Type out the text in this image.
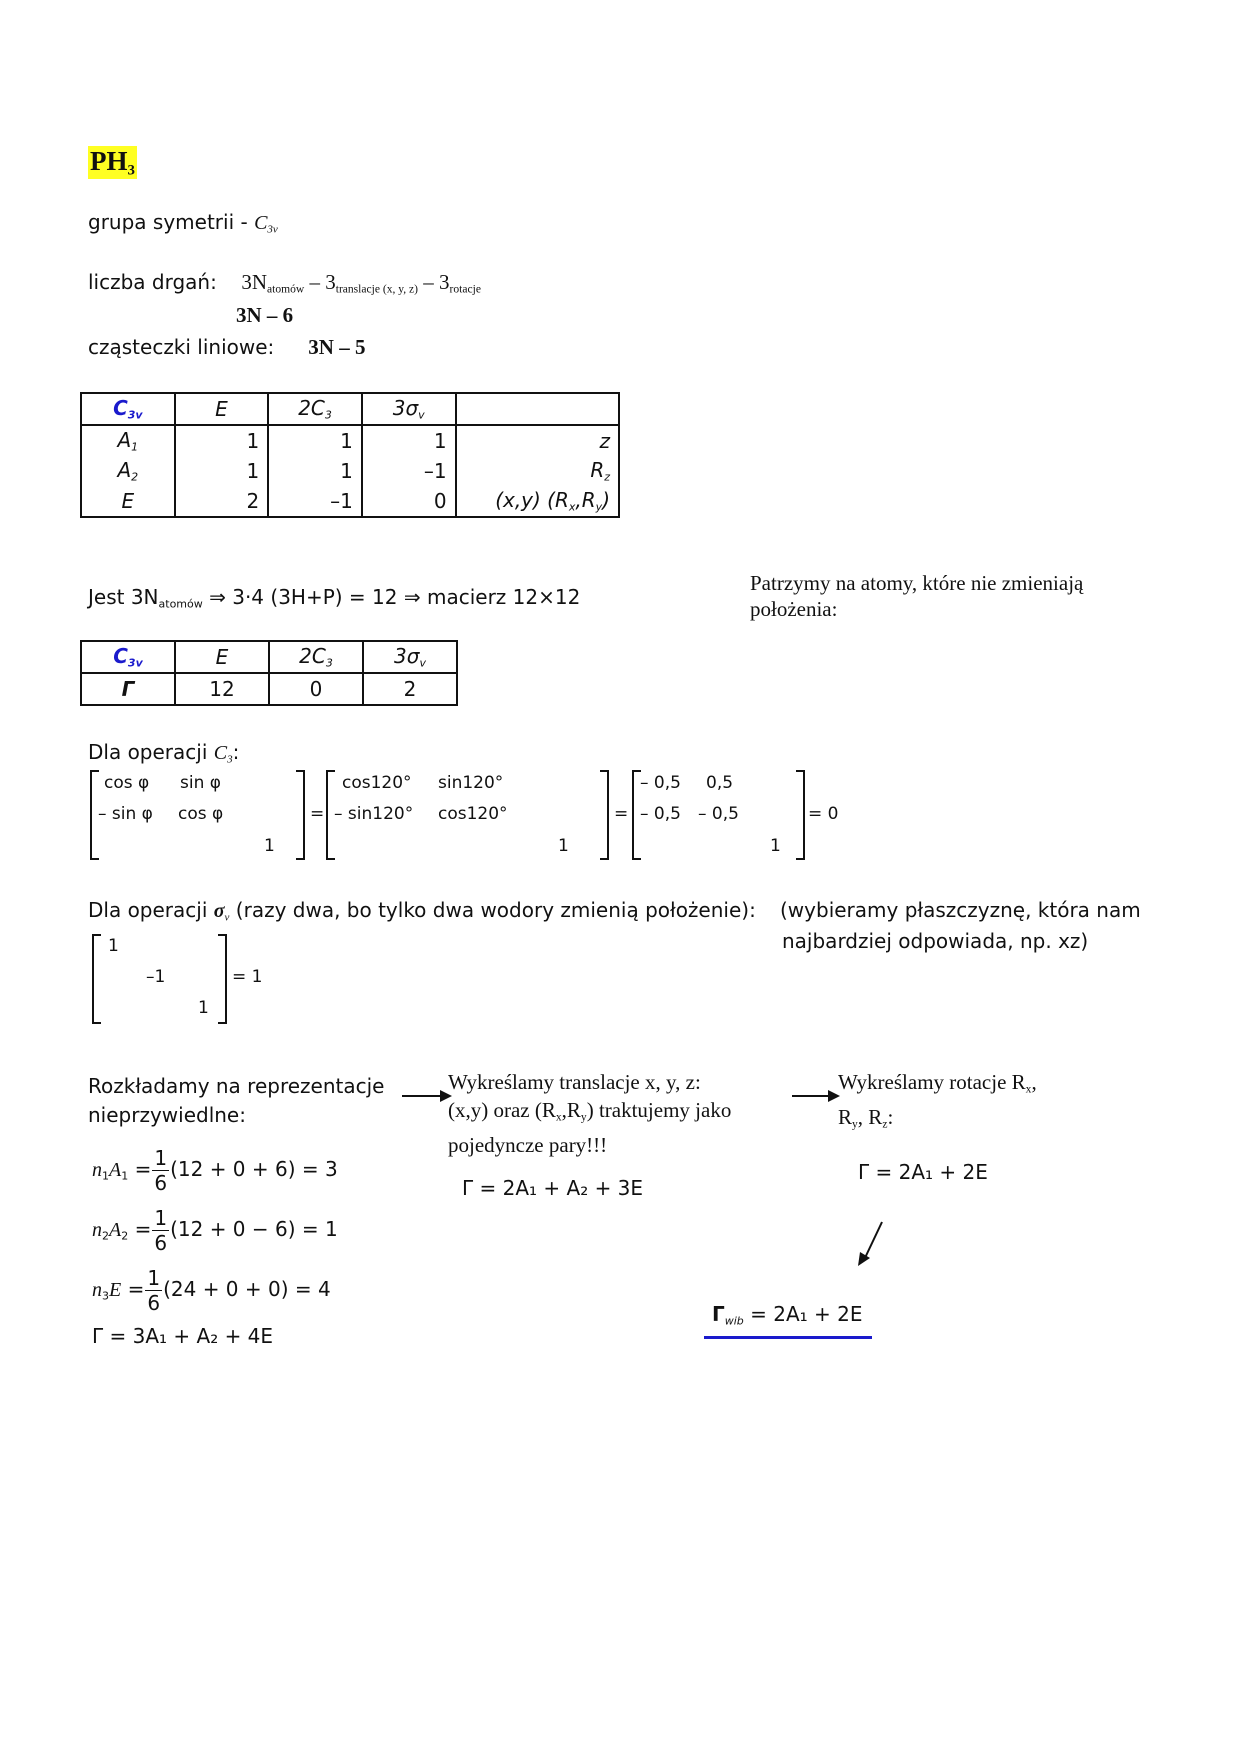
$PH_3$
grupa symetrii - $C_{3v}$
liczba drgań: $3N_{atomów} - 3_{translacje (x, y, z)} - 3_{rotacje}$
3N – 6
cząsteczki liniowe: 3N – 5
$C_{3v}$	E	$2C_3$	$3\sigma_v$	
$A_1$	1	1	1	z
$A_2$	1	1	–1	$R_z$
E	2	–1	0	(x,y) $(R_x,R_y)$
Jest $3N_{atomów}$ ⇒ 3·4 (3H+P) = 12 ⇒ macierz 12×12
Patrzymy na atomy, które nie zmieniają
położenia:
$C_{3v}$	E	$2C_3$	$3\sigma_v$
Γ	12	0	2
Dla operacji $C_3$:
cos φ sin φ
– sin φ cos φ
1
=
cos120° sin120°
– sin120° cos120°
1
=
– 0,5 0,5
– 0,5 – 0,5
1
= 0
Dla operacji $\sigma_v$ (razy dwa, bo tylko dwa wodory zmienią położenie): (wybieramy płaszczyznę, która nam
najbardziej odpowiada, np. xz)
1
–1
1
= 1
Rozkładamy na reprezentacje
nieprzywiedlne:
Wykreślamy translacje x, y, z:
(x,y) oraz $(R_x,R_y)$ traktujemy jako
pojedyncze pary!!!
Wykreślamy rotacje $R_x$,
$R_y$, $R_z$:
$n_1A_1 = \frac{1}{6} (12 + 0 + 6) = 3$
$n_2A_2 = \frac{1}{6} (12 + 0 - 6) = 1$
$n_3E = \frac{1}{6} (24 + 0 + 0) = 4$
Γ = 3A₁ + A₂ + 4E
Γ = 2A₁ + A₂ + 3E
Γ = 2A₁ + 2E
$\Gamma_{wib} = 2A_1 + 2E$
